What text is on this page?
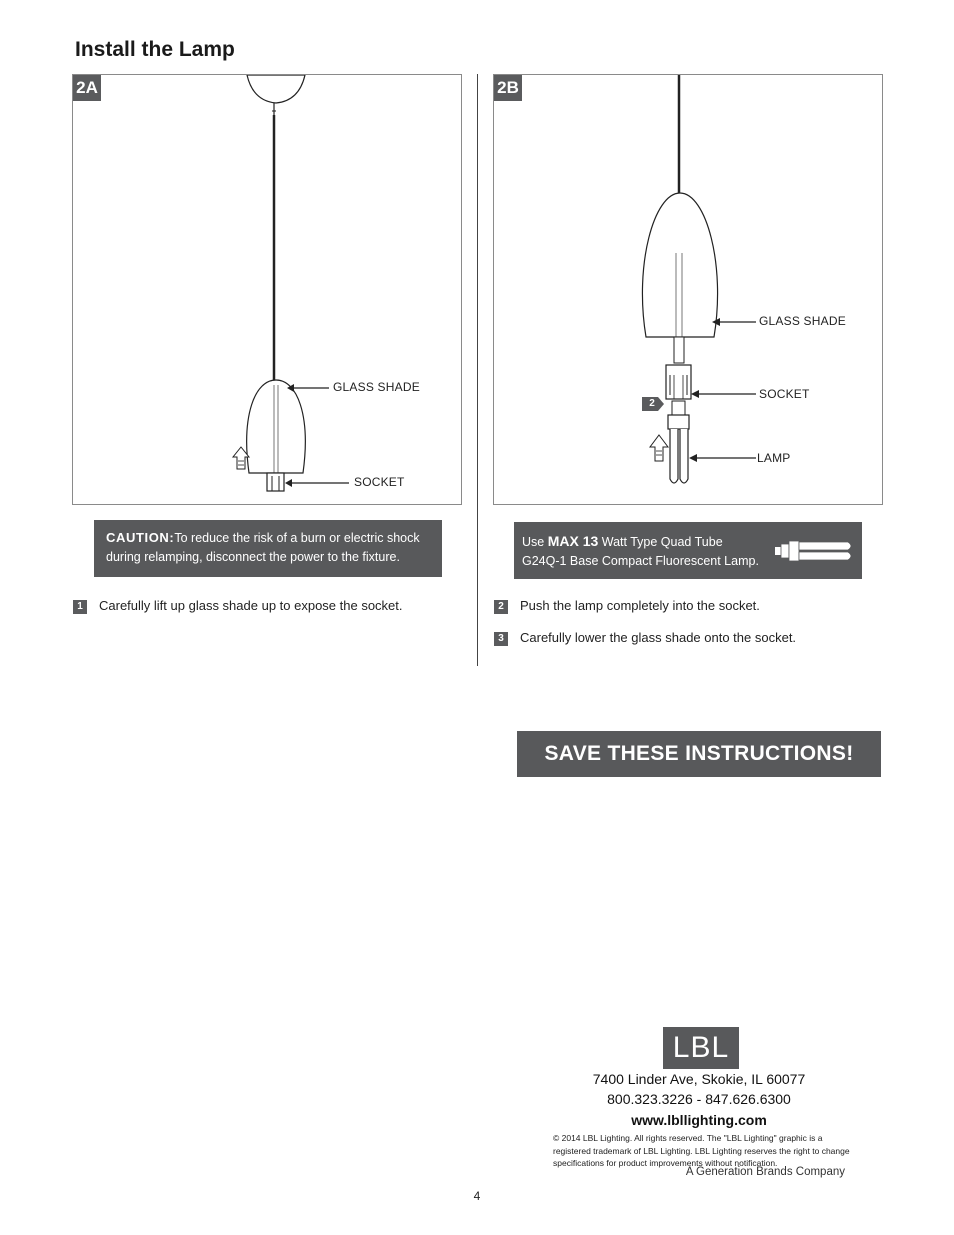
Install the Lamp
2A
GLASS SHADE
SOCKET
2B
2
GLASS SHADE
SOCKET
LAMP
CAUTION:To reduce the risk of a burn or electric shock during relamping, disconnect the power to the fixture.
Use MAX 13 Watt Type Quad Tube
G24Q-1 Base Compact Fluorescent Lamp.
1 Carefully lift up glass shade up to expose the socket.	2 Push the lamp completely into the socket.
3 Carefully lower the glass shade onto the socket.
SAVE THESE INSTRUCTIONS!
LBL
7400 Linder Ave, Skokie, IL 60077
800.323.3226 - 847.626.6300
www.lbllighting.com
© 2014 LBL Lighting. All rights reserved. The "LBL Lighting" graphic is a registered trademark of LBL Lighting. LBL Lighting reserves the right to change specifications for product improvements without notification.
A Generation Brands Company
4
